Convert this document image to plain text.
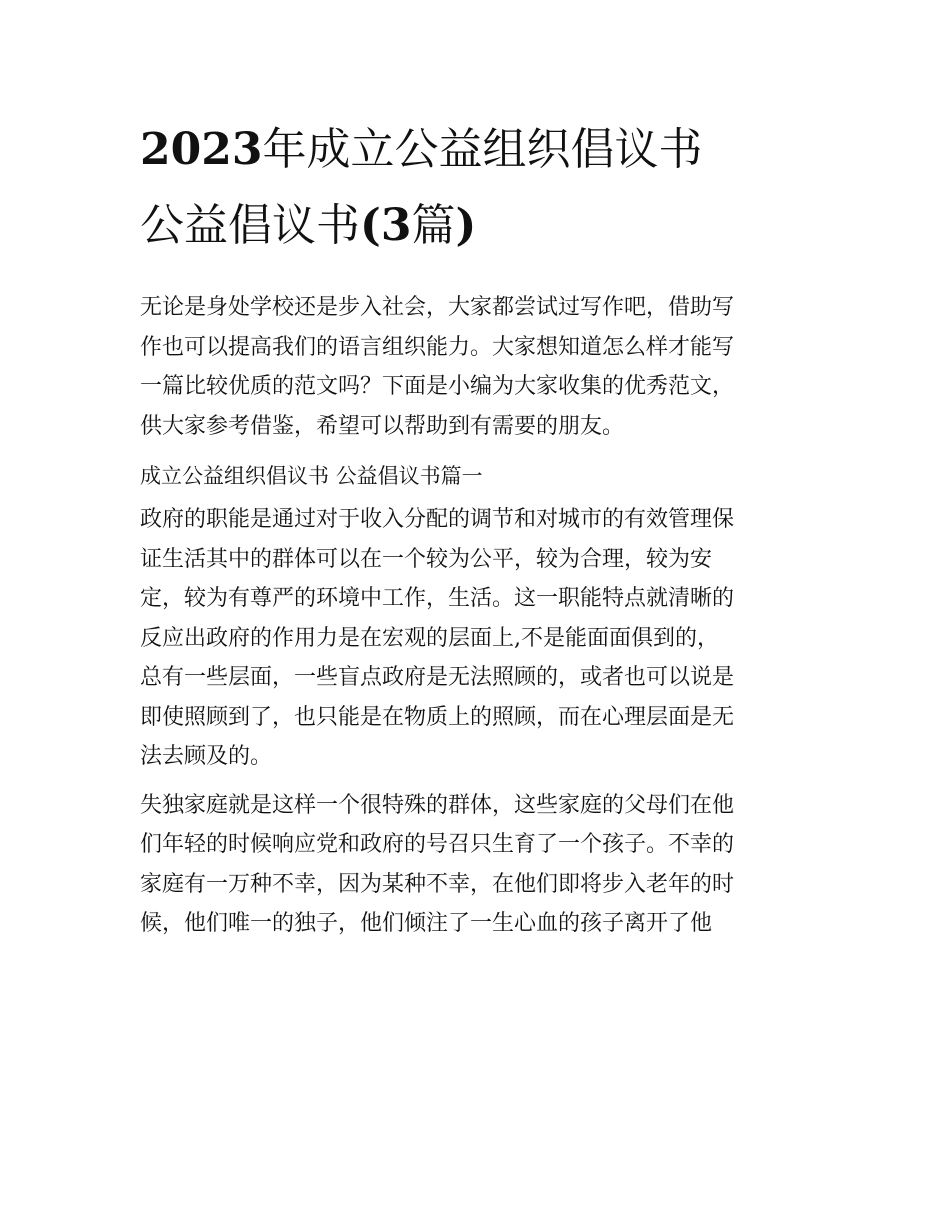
2023年成立公益组织倡议书
公益倡议书(3篇)

无论是身处学校还是步入社会，大家都尝试过写作吧，借助写
作也可以提高我们的语言组织能力。大家想知道怎么样才能写
一篇比较优质的范文吗？下面是小编为大家收集的优秀范文，
供大家参考借鉴，希望可以帮助到有需要的朋友。

成立公益组织倡议书 公益倡议书篇一

政府的职能是通过对于收入分配的调节和对城市的有效管理保
证生活其中的群体可以在一个较为公平，较为合理，较为安
定，较为有尊严的环境中工作，生活。这一职能特点就清晰的
反应出政府的作用力是在宏观的层面上,不是能面面俱到的，
总有一些层面，一些盲点政府是无法照顾的，或者也可以说是
即使照顾到了，也只能是在物质上的照顾，而在心理层面是无
法去顾及的。

失独家庭就是这样一个很特殊的群体，这些家庭的父母们在他
们年轻的时候响应党和政府的号召只生育了一个孩子。不幸的
家庭有一万种不幸，因为某种不幸，在他们即将步入老年的时
候，他们唯一的独子，他们倾注了一生心血的孩子离开了他
